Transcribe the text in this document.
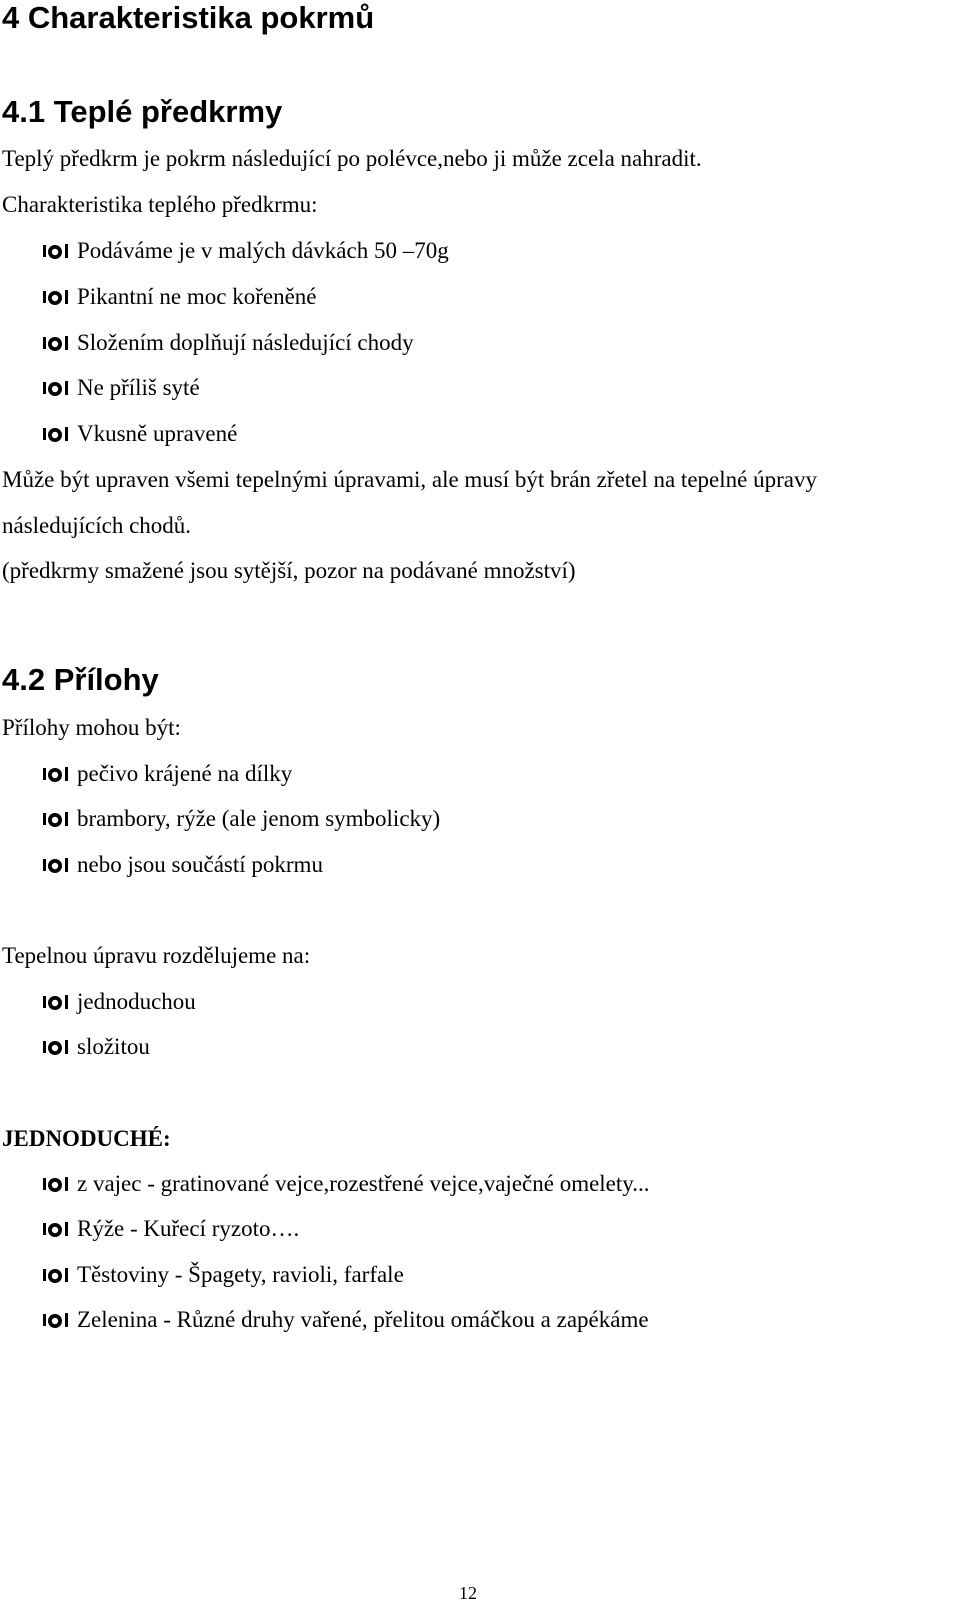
4 Charakteristika pokrmů
4.1 Teplé předkrmy
Teplý předkrm je pokrm následující po polévce,nebo ji může zcela nahradit.
Charakteristika teplého předkrmu:
Podáváme je v malých dávkách 50 –70g
Pikantní ne moc kořeněné
Složením doplňují následující chody
Ne příliš syté
Vkusně upravené
Může být upraven všemi tepelnými úpravami, ale musí být brán zřetel na tepelné úpravy
následujících chodů.
(předkrmy smažené jsou sytější, pozor na podávané množství)
4.2 Přílohy
Přílohy mohou být:
pečivo krájené na dílky
brambory, rýže (ale jenom symbolicky)
nebo jsou součástí pokrmu
Tepelnou úpravu rozdělujeme na:
jednoduchou
složitou
JEDNODUCHÉ:
z vajec - gratinované vejce,rozestřené vejce,vaječné omelety...
Rýže - Kuřecí ryzoto….
Těstoviny - Špagety, ravioli, farfale
Zelenina - Různé druhy vařené, přelitou omáčkou a zapékáme
12
